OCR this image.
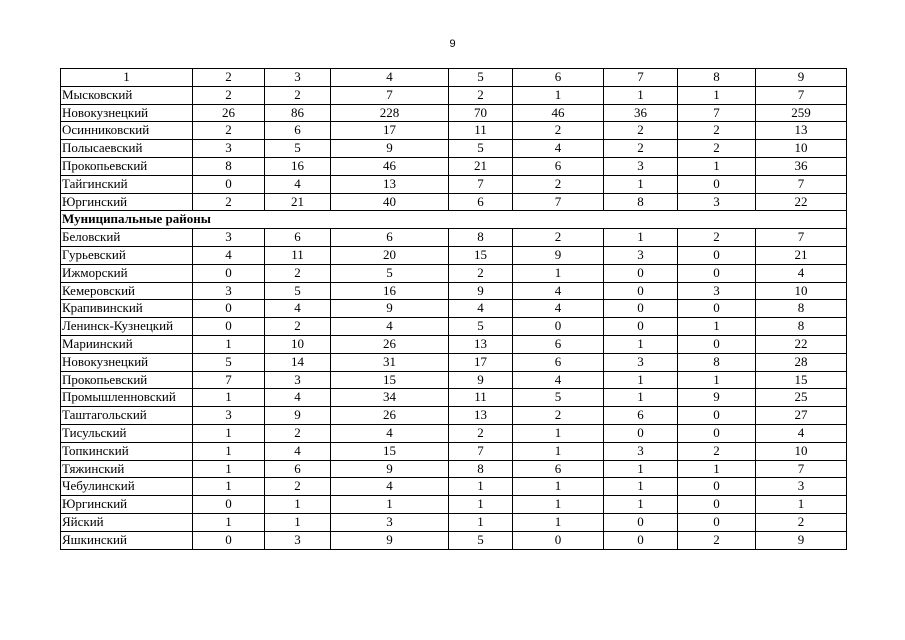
9
1	2	3	4	5	6	7	8	9
Мысковский	2	2	7	2	1	1	1	7
Новокузнецкий	26	86	228	70	46	36	7	259
Осинниковский	2	6	17	11	2	2	2	13
Полысаевский	3	5	9	5	4	2	2	10
Прокопьевский	8	16	46	21	6	3	1	36
Тайгинский	0	4	13	7	2	1	0	7
Юргинский	2	21	40	6	7	8	3	22
Муниципальные районы								
Беловский	3	6	6	8	2	1	2	7
Гурьевский	4	11	20	15	9	3	0	21
Ижморский	0	2	5	2	1	0	0	4
Кемеровский	3	5	16	9	4	0	3	10
Крапивинский	0	4	9	4	4	0	0	8
Ленинск-Кузнецкий	0	2	4	5	0	0	1	8
Мариинский	1	10	26	13	6	1	0	22
Новокузнецкий	5	14	31	17	6	3	8	28
Прокопьевский	7	3	15	9	4	1	1	15
Промышленновский	1	4	34	11	5	1	9	25
Таштагольский	3	9	26	13	2	6	0	27
Тисульский	1	2	4	2	1	0	0	4
Топкинский	1	4	15	7	1	3	2	10
Тяжинский	1	6	9	8	6	1	1	7
Чебулинский	1	2	4	1	1	1	0	3
Юргинский	0	1	1	1	1	1	0	1
Яйский	1	1	3	1	1	0	0	2
Яшкинский	0	3	9	5	0	0	2	9
